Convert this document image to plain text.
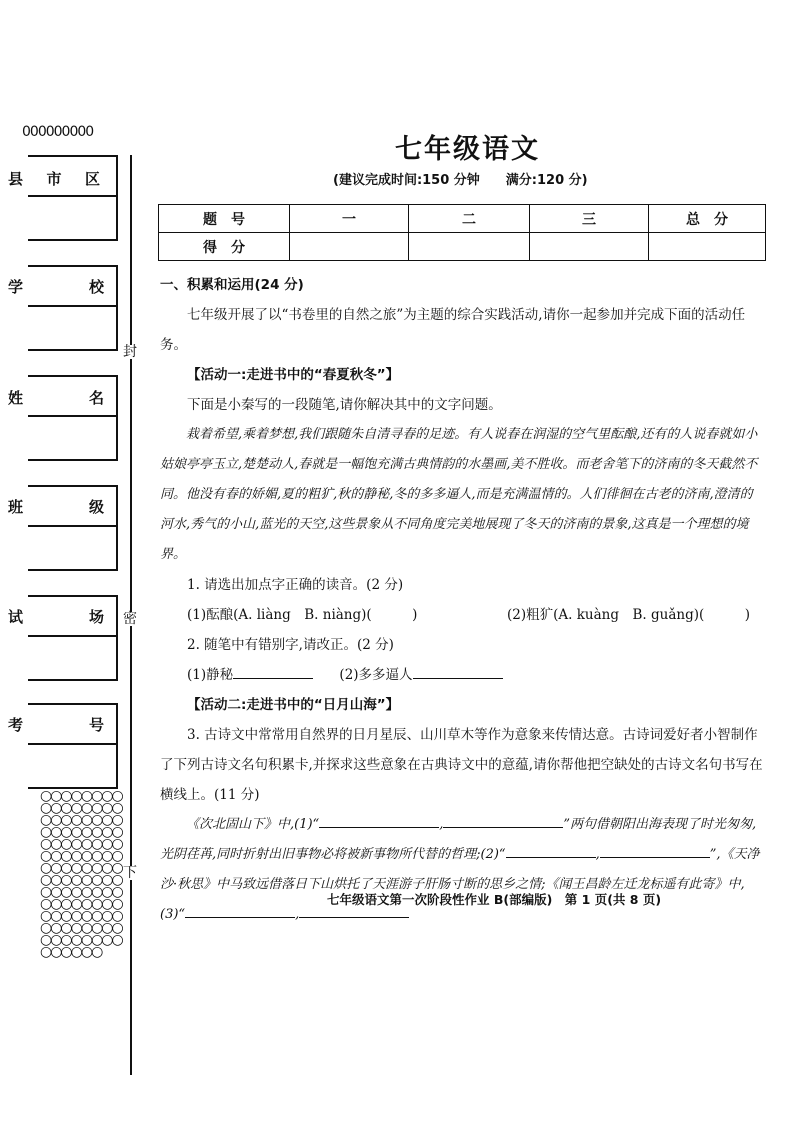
000000000
县 市 区
学	校
姓	名
班	级
试	场
考	号
○○○○○○○○○○○○○○○○○○○○○○○○○○○○○○○○○○○○○○○○○○○○○○○○○○○○○○○○○○○○○○○○○○○○○○○○○○○○○○○○○○○○○○○○○○○○○○○○○○○○○○○○○○○○○○
封
密
下
七年级语文
(建议完成时间:150 分钟　　满分:120 分)
题　号	一	二	三	总　分
得　分				
一、积累和运用(24 分)

七年级开展了以“书卷里的自然之旅”为主题的综合实践活动,请你一起参加并完成下面的活动任务。

【活动一:走进书中的“春夏秋冬”】

下面是小秦写的一段随笔,请你解决其中的文字问题。

栽着希望,乘着梦想,我们跟随朱自清寻春的足迹。有人说春在润湿的空气里酝酿,还有的人说春就如小姑娘亭亭玉立,楚楚动人,春就是一幅饱充满古典情韵的水墨画,美不胜收。而老舍笔下的济南的冬天截然不同。他没有春的娇媚,夏的粗犷,秋的静秘,冬的多多逼人,而是充满温情的。人们徘徊在古老的济南,澄清的河水,秀气的小山,蓝光的天空,这些景象从不同角度完美地展现了冬天的济南的景象,这真是一个理想的境界。

1. 请选出加点字正确的读音。(2 分)

(1)酝酿(A. liàng　B. niàng)(　　　)	(2)粗犷(A. kuàng　B. guǎng)(　　　)

2. 随笔中有错别字,请改正。(2 分)

(1)静秘	(2)多多逼人

【活动二:走进书中的“日月山海”】

3. 古诗文中常常用自然界的日月星辰、山川草木等作为意象来传情达意。古诗词爱好者小智制作了下列古诗文名句积累卡,并探求这些意象在古典诗文中的意蕴,请你帮他把空缺处的古诗文名句书写在横线上。(11 分)

《次北固山下》中,(1)“	,	”两句借朝阳出海表现了时光匆匆,光阴荏苒,同时折射出旧事物必将被新事物所代替的哲理;(2)“	,	”,《天净沙·秋思》中马致远借落日下山烘托了天涯游子肝肠寸断的思乡之情;《闻王昌龄左迁龙标遥有此寄》中,(3)“	,

七年级语文第一次阶段性作业 B(部编版)　第 1 页(共 8 页)
